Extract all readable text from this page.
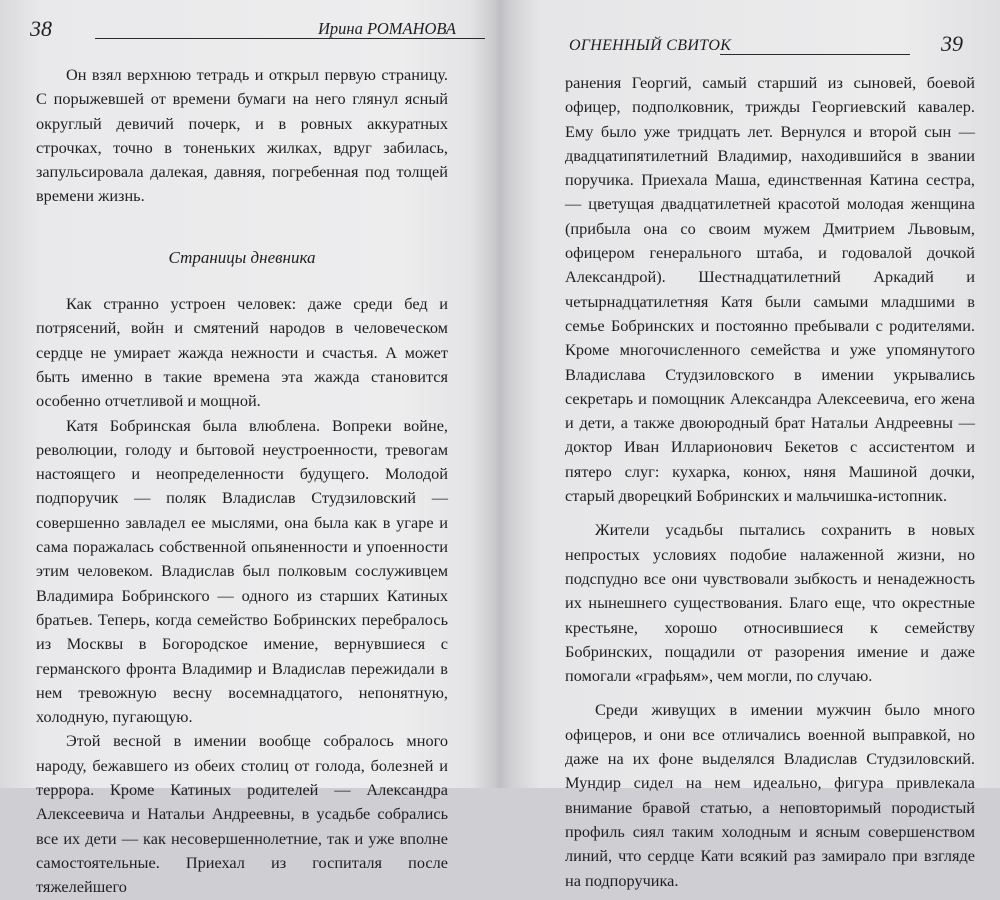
38	Ирина РОМАНОВА

Он взял верхнюю тетрадь и открыл первую страницу. С порыжевшей от времени бумаги на него глянул ясный округлый девичий почерк, и в ровных аккуратных строчках, точно в тоненьких жилках, вдруг забилась, запульсировала далекая, давняя, погребенная под толщей времени жизнь.

Страницы дневника

Как странно устроен человек: даже среди бед и потрясений, войн и смятений народов в человеческом сердце не умирает жажда нежности и счастья. А может быть именно в такие времена эта жажда становится особенно отчетливой и мощной.

Катя Бобринская была влюблена. Вопреки войне, революции, голоду и бытовой неустроенности, тревогам настоящего и неопределенности будущего. Молодой подпоручик — поляк Владислав Студзиловский — совершенно завладел ее мыслями, она была как в угаре и сама поражалась собственной опьяненности и упоенности этим человеком. Владислав был полковым сослуживцем Владимира Бобринского — одного из старших Катиных братьев. Теперь, когда семейство Бобринских перебралось из Москвы в Богородское имение, вернувшиеся с германского фронта Владимир и Владислав пережидали в нем тревожную весну восемнадцатого, непонятную, холодную, пугающую.

Этой весной в имении вообще собралось много народу, бежавшего из обеих столиц от голода, болезней и террора. Кроме Катиных родителей — Александра Алексеевича и Натальи Андреевны, в усадьбе собрались все их дети — как несовершеннолетние, так и уже вполне самостоятельные. Приехал из госпиталя после тяжелейшего

ОГНЕННЫЙ СВИТОК	39

ранения Георгий, самый старший из сыновей, боевой офицер, подполковник, трижды Георгиевский кавалер. Ему было уже тридцать лет. Вернулся и второй сын — двадцатипятилетний Владимир, находившийся в звании поручика. Приехала Маша, единственная Катина сестра, — цветущая двадцатилетней красотой молодая женщина (прибыла она со своим мужем Дмитрием Львовым, офицером генерального штаба, и годовалой дочкой Александрой). Шестнадцатилетний Аркадий и четырнадцатилетняя Катя были самыми младшими в семье Бобринских и постоянно пребывали с родителями. Кроме многочисленного семейства и уже упомянутого Владислава Студзиловского в имении укрывались секретарь и помощник Александра Алексеевича, его жена и дети, а также двоюродный брат Натальи Андреевны — доктор Иван Илларионович Бекетов с ассистентом и пятеро слуг: кухарка, конюх, няня Машиной дочки, старый дворецкий Бобринских и мальчишка-истопник.

Жители усадьбы пытались сохранить в новых непростых условиях подобие налаженной жизни, но подспудно все они чувствовали зыбкость и ненадежность их нынешнего существования. Благо еще, что окрестные крестьяне, хорошо относившиеся к семейству Бобринских, пощадили от разорения имение и даже помогали «графьям», чем могли, по случаю.

Среди живущих в имении мужчин было много офицеров, и они все отличались военной выправкой, но даже на их фоне выделялся Владислав Студзиловский. Мундир сидел на нем идеально, фигура привлекала внимание бравой статью, а неповторимый породистый профиль сиял таким холодным и ясным совершенством линий, что сердце Кати всякий раз замирало при взгляде на подпоручика.
